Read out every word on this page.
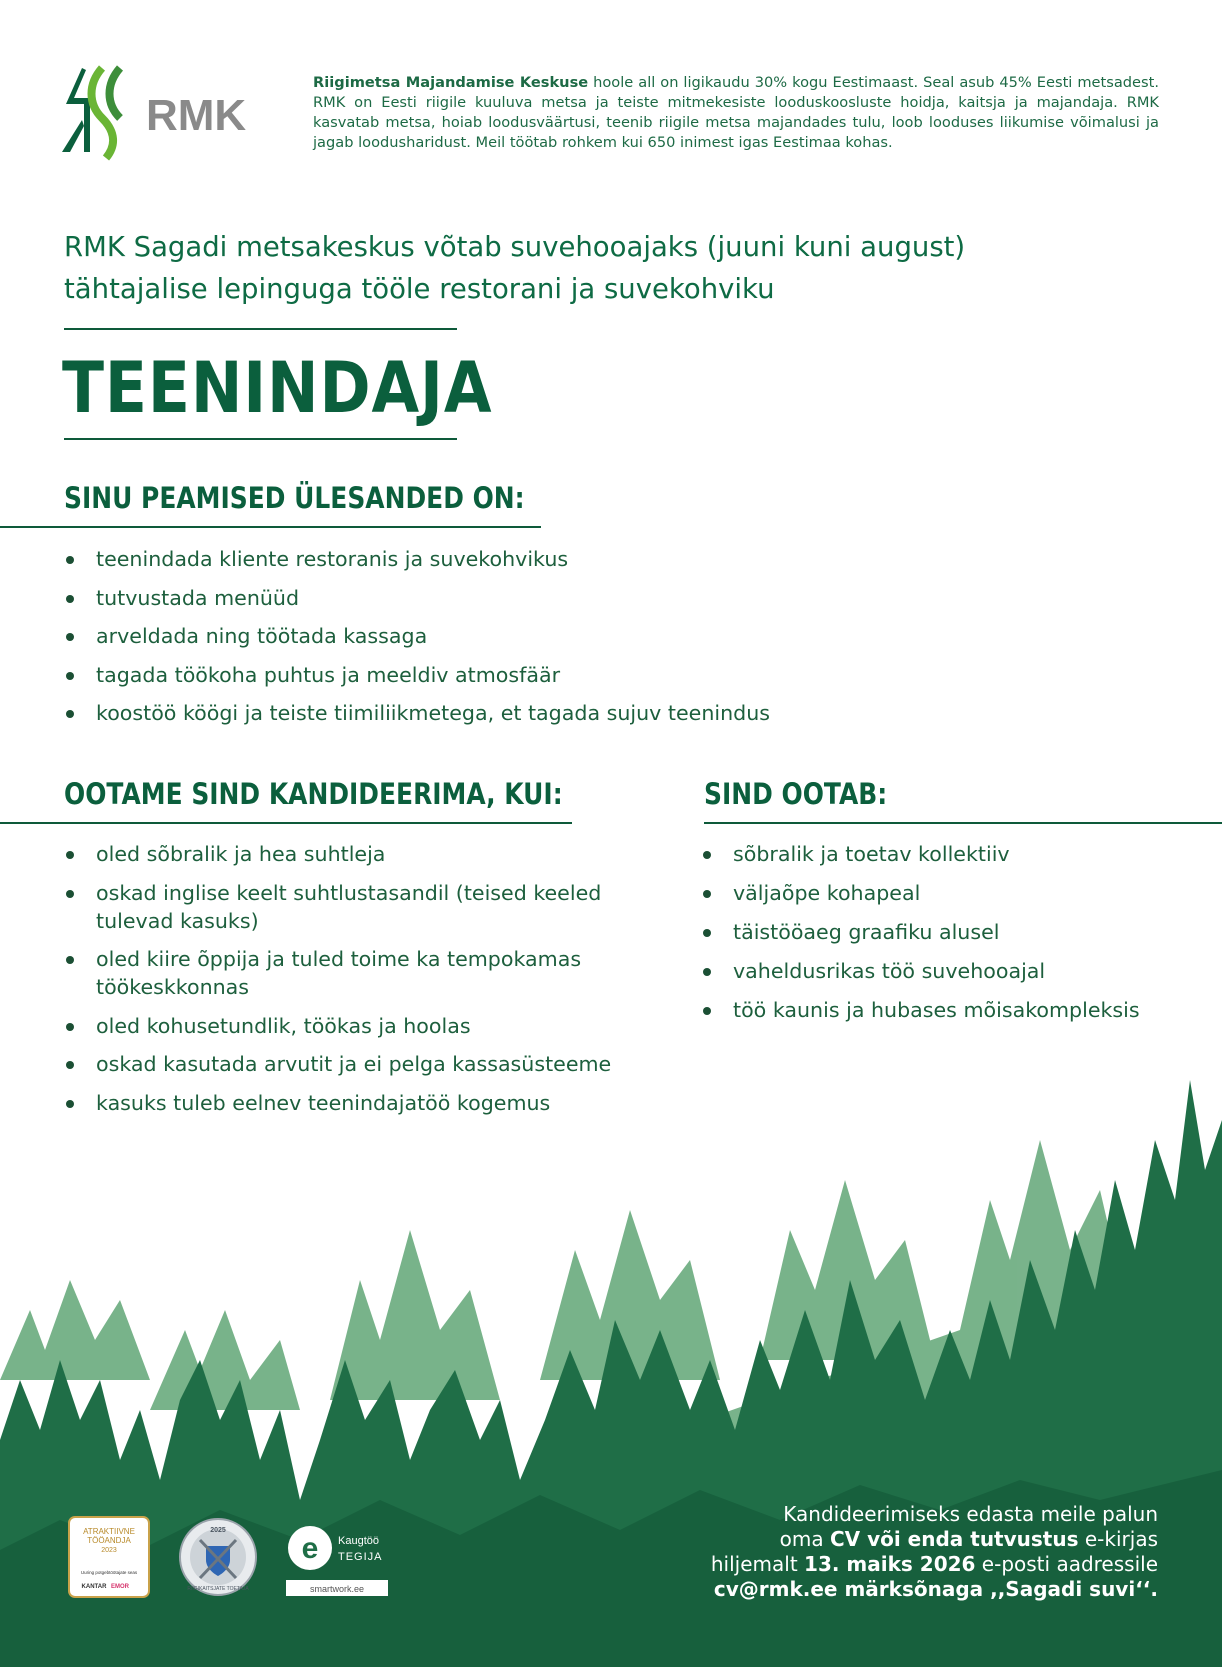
RMK

Riigimetsa Majandamise Keskuse hoole all on ligikaudu 30% kogu Eestimaast. Seal asub 45% Eesti metsadest. RMK on Eesti riigile kuuluva metsa ja teiste mitmekesiste looduskoosluste hoidja, kaitsja ja majandaja. RMK kasvatab metsa, hoiab loodusväärtusi, teenib riigile metsa majandades tulu, loob looduses liikumise võimalusi ja jagab loodusharidust. Meil töötab rohkem kui 650 inimest igas Eestimaa kohas.

RMK Sagadi metsakeskus võtab suvehooajaks (juuni kuni august)
tähtajalise lepinguga tööle restorani ja suvekohviku
TEENINDAJA
SINU PEAMISED ÜLESANDED ON:
teenindada kliente restoranis ja suvekohvikus
tutvustada menüüd
arveldada ning töötada kassaga
tagada töökoha puhtus ja meeldiv atmosfäär
koostöö köögi ja teiste tiimiliikmetega, et tagada sujuv teenindus
OOTAME SIND KANDIDEERIMA, KUI:
oled sõbralik ja hea suhtleja
oskad inglise keelt suhtlustasandil (teised keeled tulevad kasuks)
oled kiire õppija ja tuled toime ka tempokamas töökeskkonnas
oled kohusetundlik, töökas ja hoolas
oskad kasutada arvutit ja ei pelga kassasüsteeme
kasuks tuleb eelnev teenindajatöö kogemus
SIND OOTAB:
sõbralik ja toetav kollektiiv
väljaõpe kohapeal
täistööaeg graafiku alusel
vaheldusrikas töö suvehooajal
töö kaunis ja hubases mõisakompleksis
ATRAKTIIVNE
TÖÖANDJA
2023
Uuring potgebtöötajate seas
KANTAR EMOR
2025
RIIGIKAITSJATE TOETAJA
e Kaugtöö
TEGIJA
smartwork.ee
Kandideerimiseks edasta meile palun
oma CV või enda tutvustus e-kirjas
hiljemalt 13. maiks 2026 e-posti aadressile
cv@rmk.ee märksõnaga ,,Sagadi suvi‘‘.
